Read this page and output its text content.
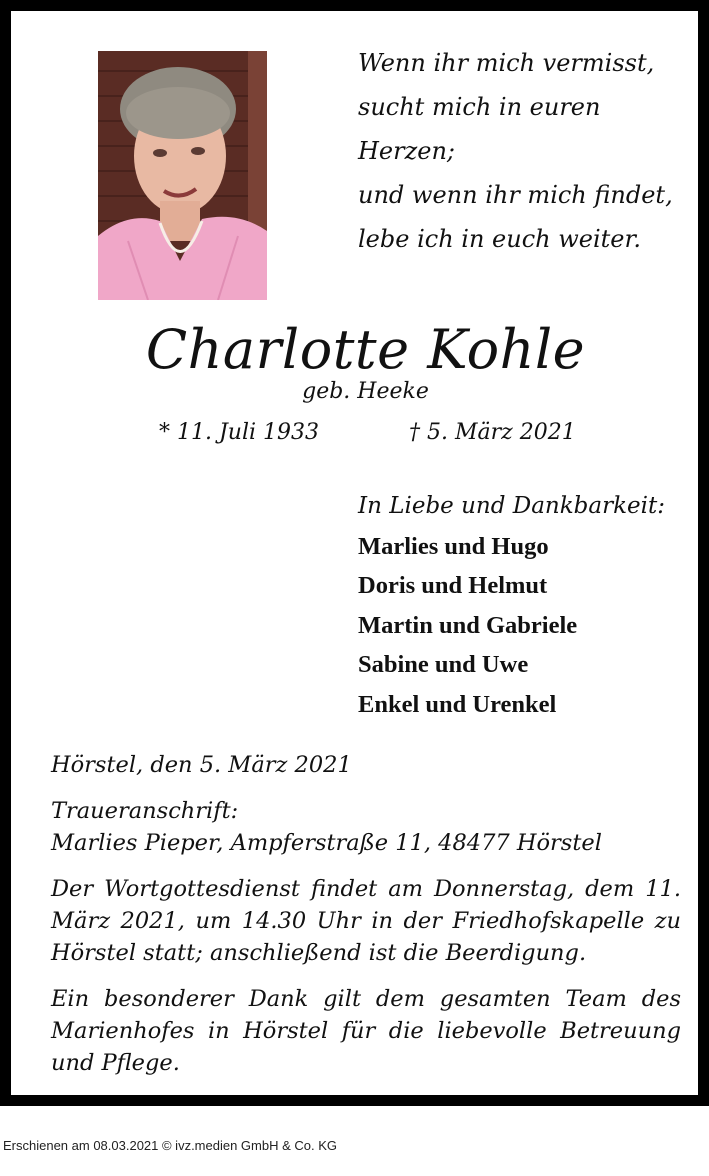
Wenn ihr mich vermisst,
sucht mich in euren Herzen;
und wenn ihr mich findet,
lebe ich in euch weiter.
Charlotte Kohle
geb. Heeke
* 11. Juli 1933	† 5. März 2021
In Liebe und Dankbarkeit:
Marlies und Hugo
Doris und Helmut
Martin und Gabriele
Sabine und Uwe
Enkel und Urenkel

Hörstel, den 5. März 2021

Traueranschrift:
Marlies Pieper, Ampferstraße 11, 48477 Hörstel

Der Wortgottesdienst findet am Donnerstag, dem 11. März 2021, um 14.30 Uhr in der Friedhofskapelle zu Hörstel statt; anschließend ist die Beerdigung.

Ein besonderer Dank gilt dem gesamten Team des Marienhofes in Hörstel für die liebevolle Betreuung und Pflege.

Erschienen am 08.03.2021 © ivz.medien GmbH & Co. KG
